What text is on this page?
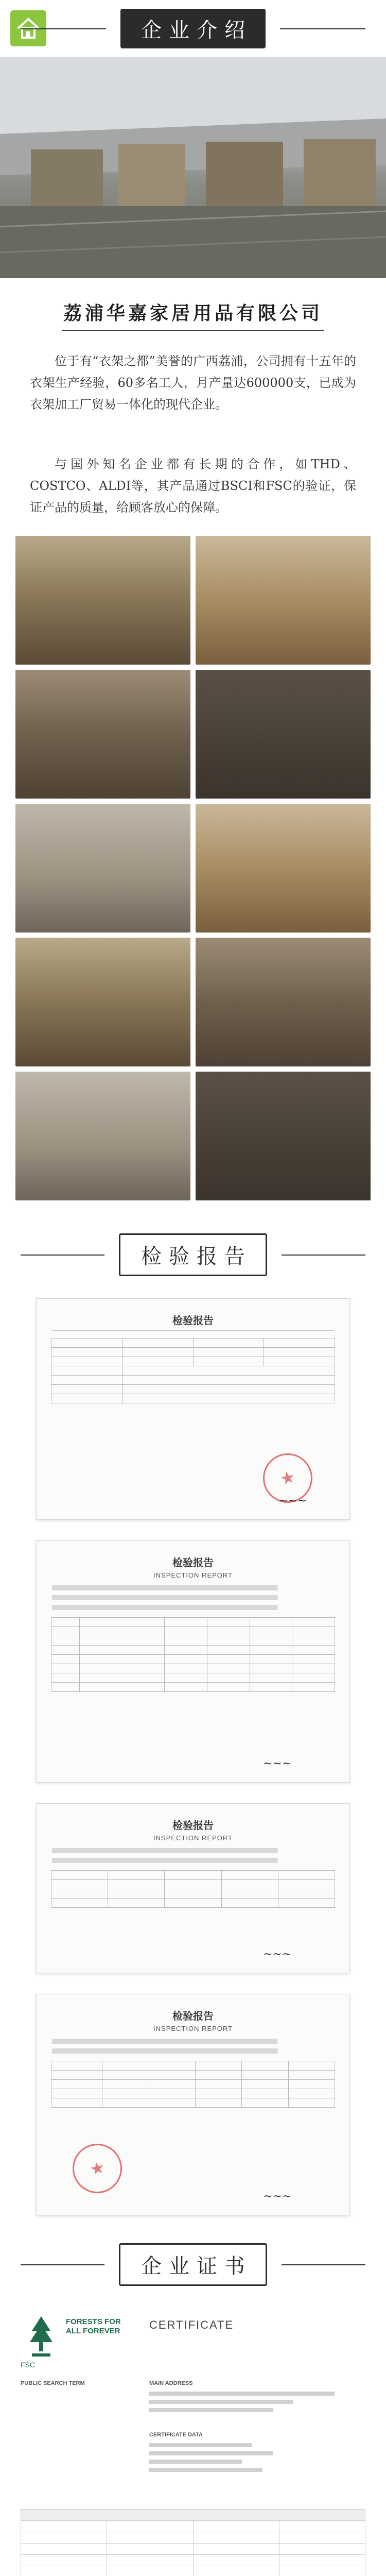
企业介绍
荔浦华嘉家居用品有限公司
位于有“衣架之都”美誉的广西荔浦，公司拥有十五年的衣架生产经验，60多名工人，月产量达600000支，已成为衣架加工厂贸易一体化的现代企业。
与国外知名企业都有长期的合作，如THD、COSTCO、ALDI等，其产品通过BSCI和FSC的验证，保证产品的质量，给顾客放心的保障。
检验报告
检验报告

~~~
检验报告
INSPECTION REPORT

~~~
检验报告
INSPECTION REPORT

~~~
检验报告
INSPECTION REPORT

~~~
企业证书
FORESTS FOR ALL FOREVER
FSC
CERTIFICATE
PUBLIC SEARCH TERM	MAIN ADDRESS
CERTIFICATE DATA
